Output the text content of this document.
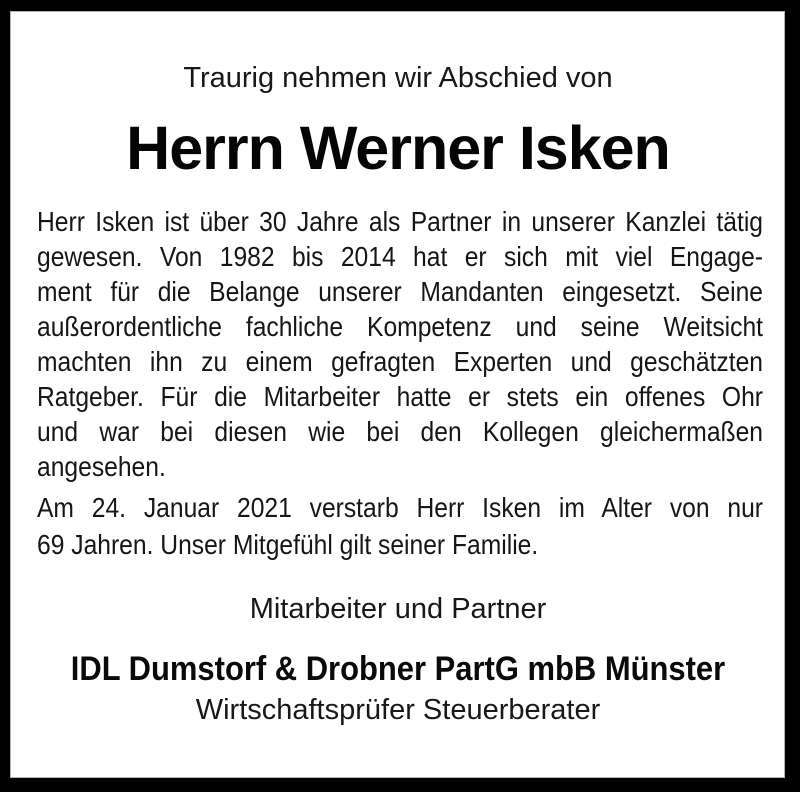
Traurig nehmen wir Abschied von

Herrn Werner Isken

Herr Isken ist über 30 Jahre als Partner in unserer Kanzlei tätig
gewesen. Von 1982 bis 2014 hat er sich mit viel Engage-
ment für die Belange unserer Mandanten eingesetzt. Seine
außerordentliche fachliche Kompetenz und seine Weitsicht
machten ihn zu einem gefragten Experten und geschätzten
Ratgeber. Für die Mitarbeiter hatte er stets ein offenes Ohr
und war bei diesen wie bei den Kollegen gleichermaßen
angesehen.

Am 24. Januar 2021 verstarb Herr Isken im Alter von nur
69 Jahren. Unser Mitgefühl gilt seiner Familie.

Mitarbeiter und Partner

IDL Dumstorf & Drobner PartG mbB Münster

Wirtschaftsprüfer Steuerberater
